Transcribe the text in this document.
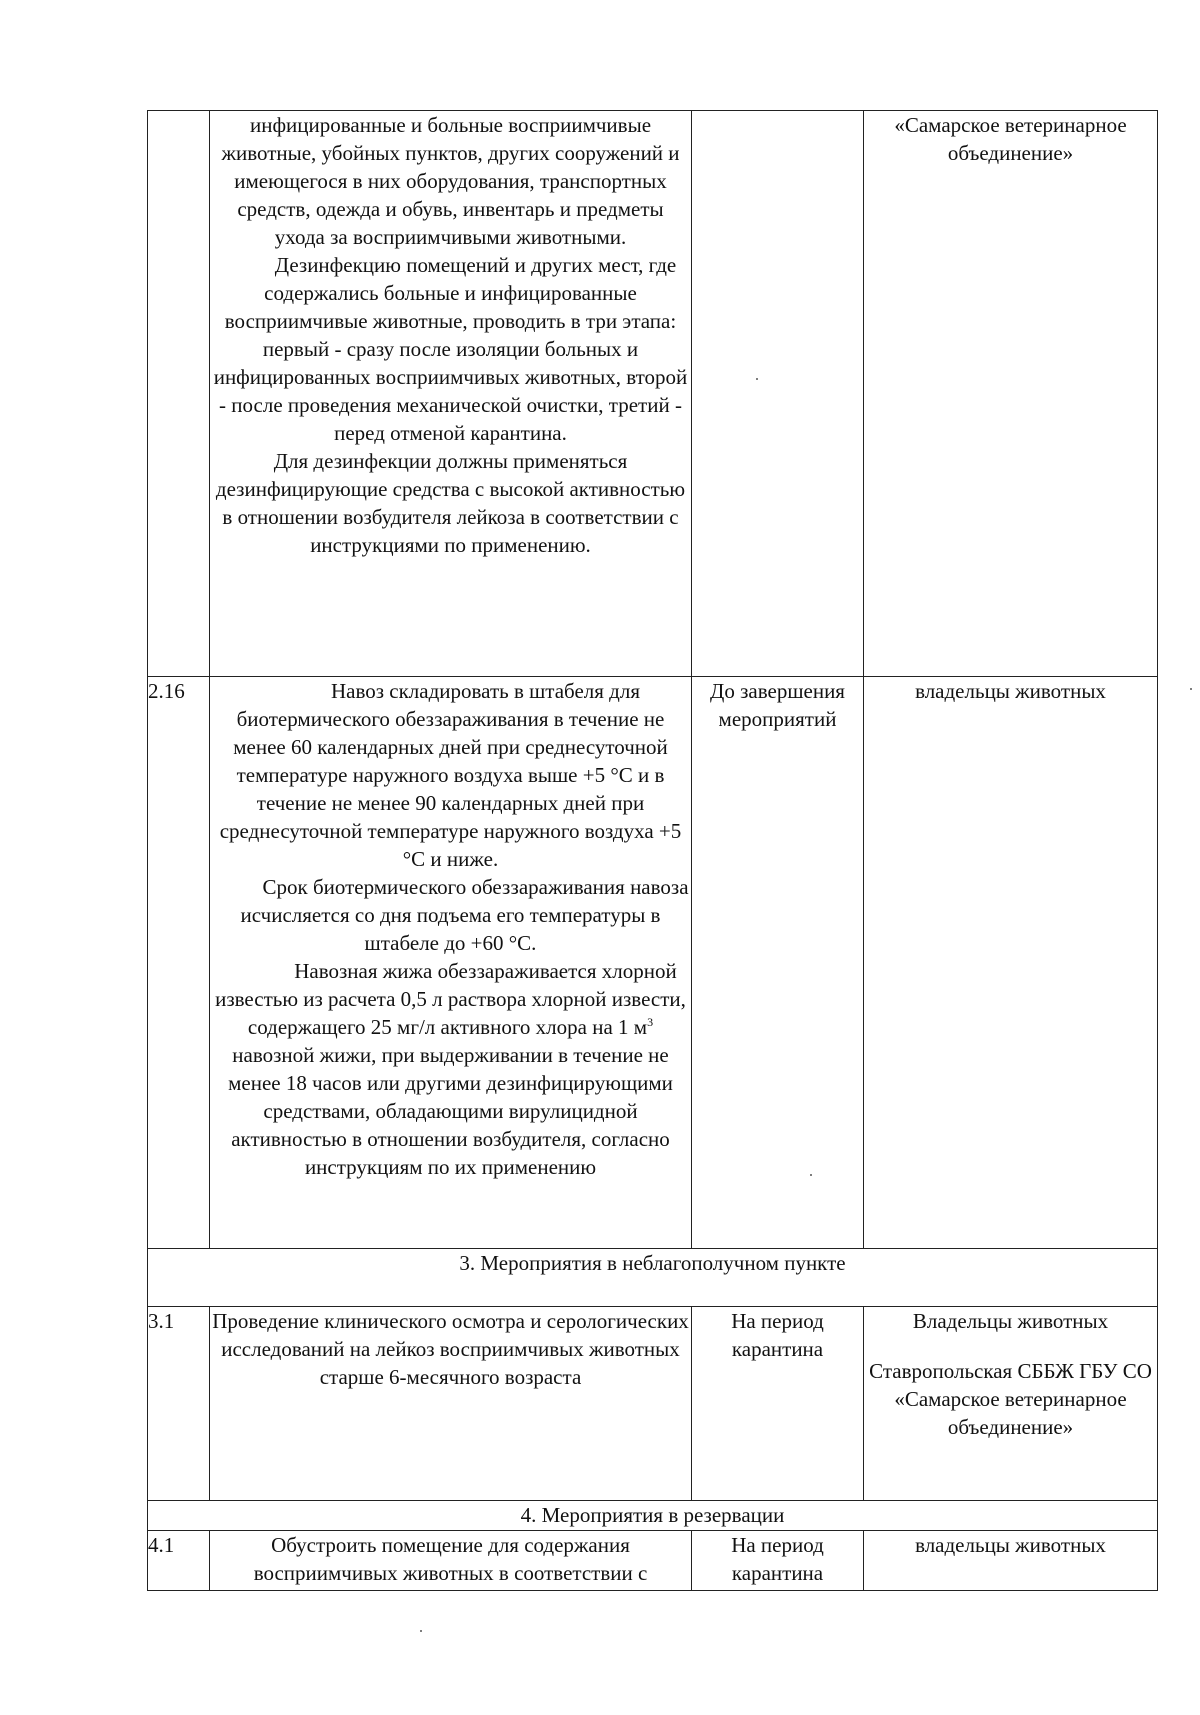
	инфицированные и больные восприимчивые животные, убойных пунктов, других сооружений и имеющегося в них оборудования, транспортных средств, одежда и обувь, инвентарь и предметы ухода за восприимчивыми животными.
Дезинфекцию помещений и других мест, где содержались больные и инфицированные восприимчивые животные, проводить в три этапа: первый - сразу после изоляции больных и инфицированных восприимчивых животных, второй - после проведения механической очистки, третий - перед отменой карантина.
Для дезинфекции должны применяться дезинфицирующие средства с высокой активностью в отношении возбудителя лейкоза в соответствии с инструкциями по применению.		«Самарское ветеринарное объединение»
2.16	Навоз складировать в штабеля для биотермического обеззараживания в течение не менее 60 календарных дней при среднесуточной температуре наружного воздуха выше +5 °С и в течение не менее 90 календарных дней при среднесуточной температуре наружного воздуха +5 °С и ниже.
Срок биотермического обеззараживания навоза исчисляется со дня подъема его температуры в штабеле до +60 °С.
Навозная жижа обеззараживается хлорной известью из расчета 0,5 л раствора хлорной извести, содержащего 25 мг/л активного хлора на 1 $м^3$ навозной жижи, при выдерживании в течение не менее 18 часов или другими дезинфицирующими средствами, обладающими вирулицидной активностью в отношении возбудителя, согласно инструкциям по их применению	До завершения мероприятий	владельцы животных
3. Мероприятия в неблагополучном пункте			
3.1	Проведение клинического осмотра и серологических исследований на лейкоз восприимчивых животных старше 6-месячного возраста	На период карантина	Владельцы животных
Ставропольская СББЖ ГБУ СО «Самарское ветеринарное объединение»

4. Мероприятия в резервации			
4.1	Обустроить помещение для содержания восприимчивых животных в соответствии с	На период карантина	владельцы животных
